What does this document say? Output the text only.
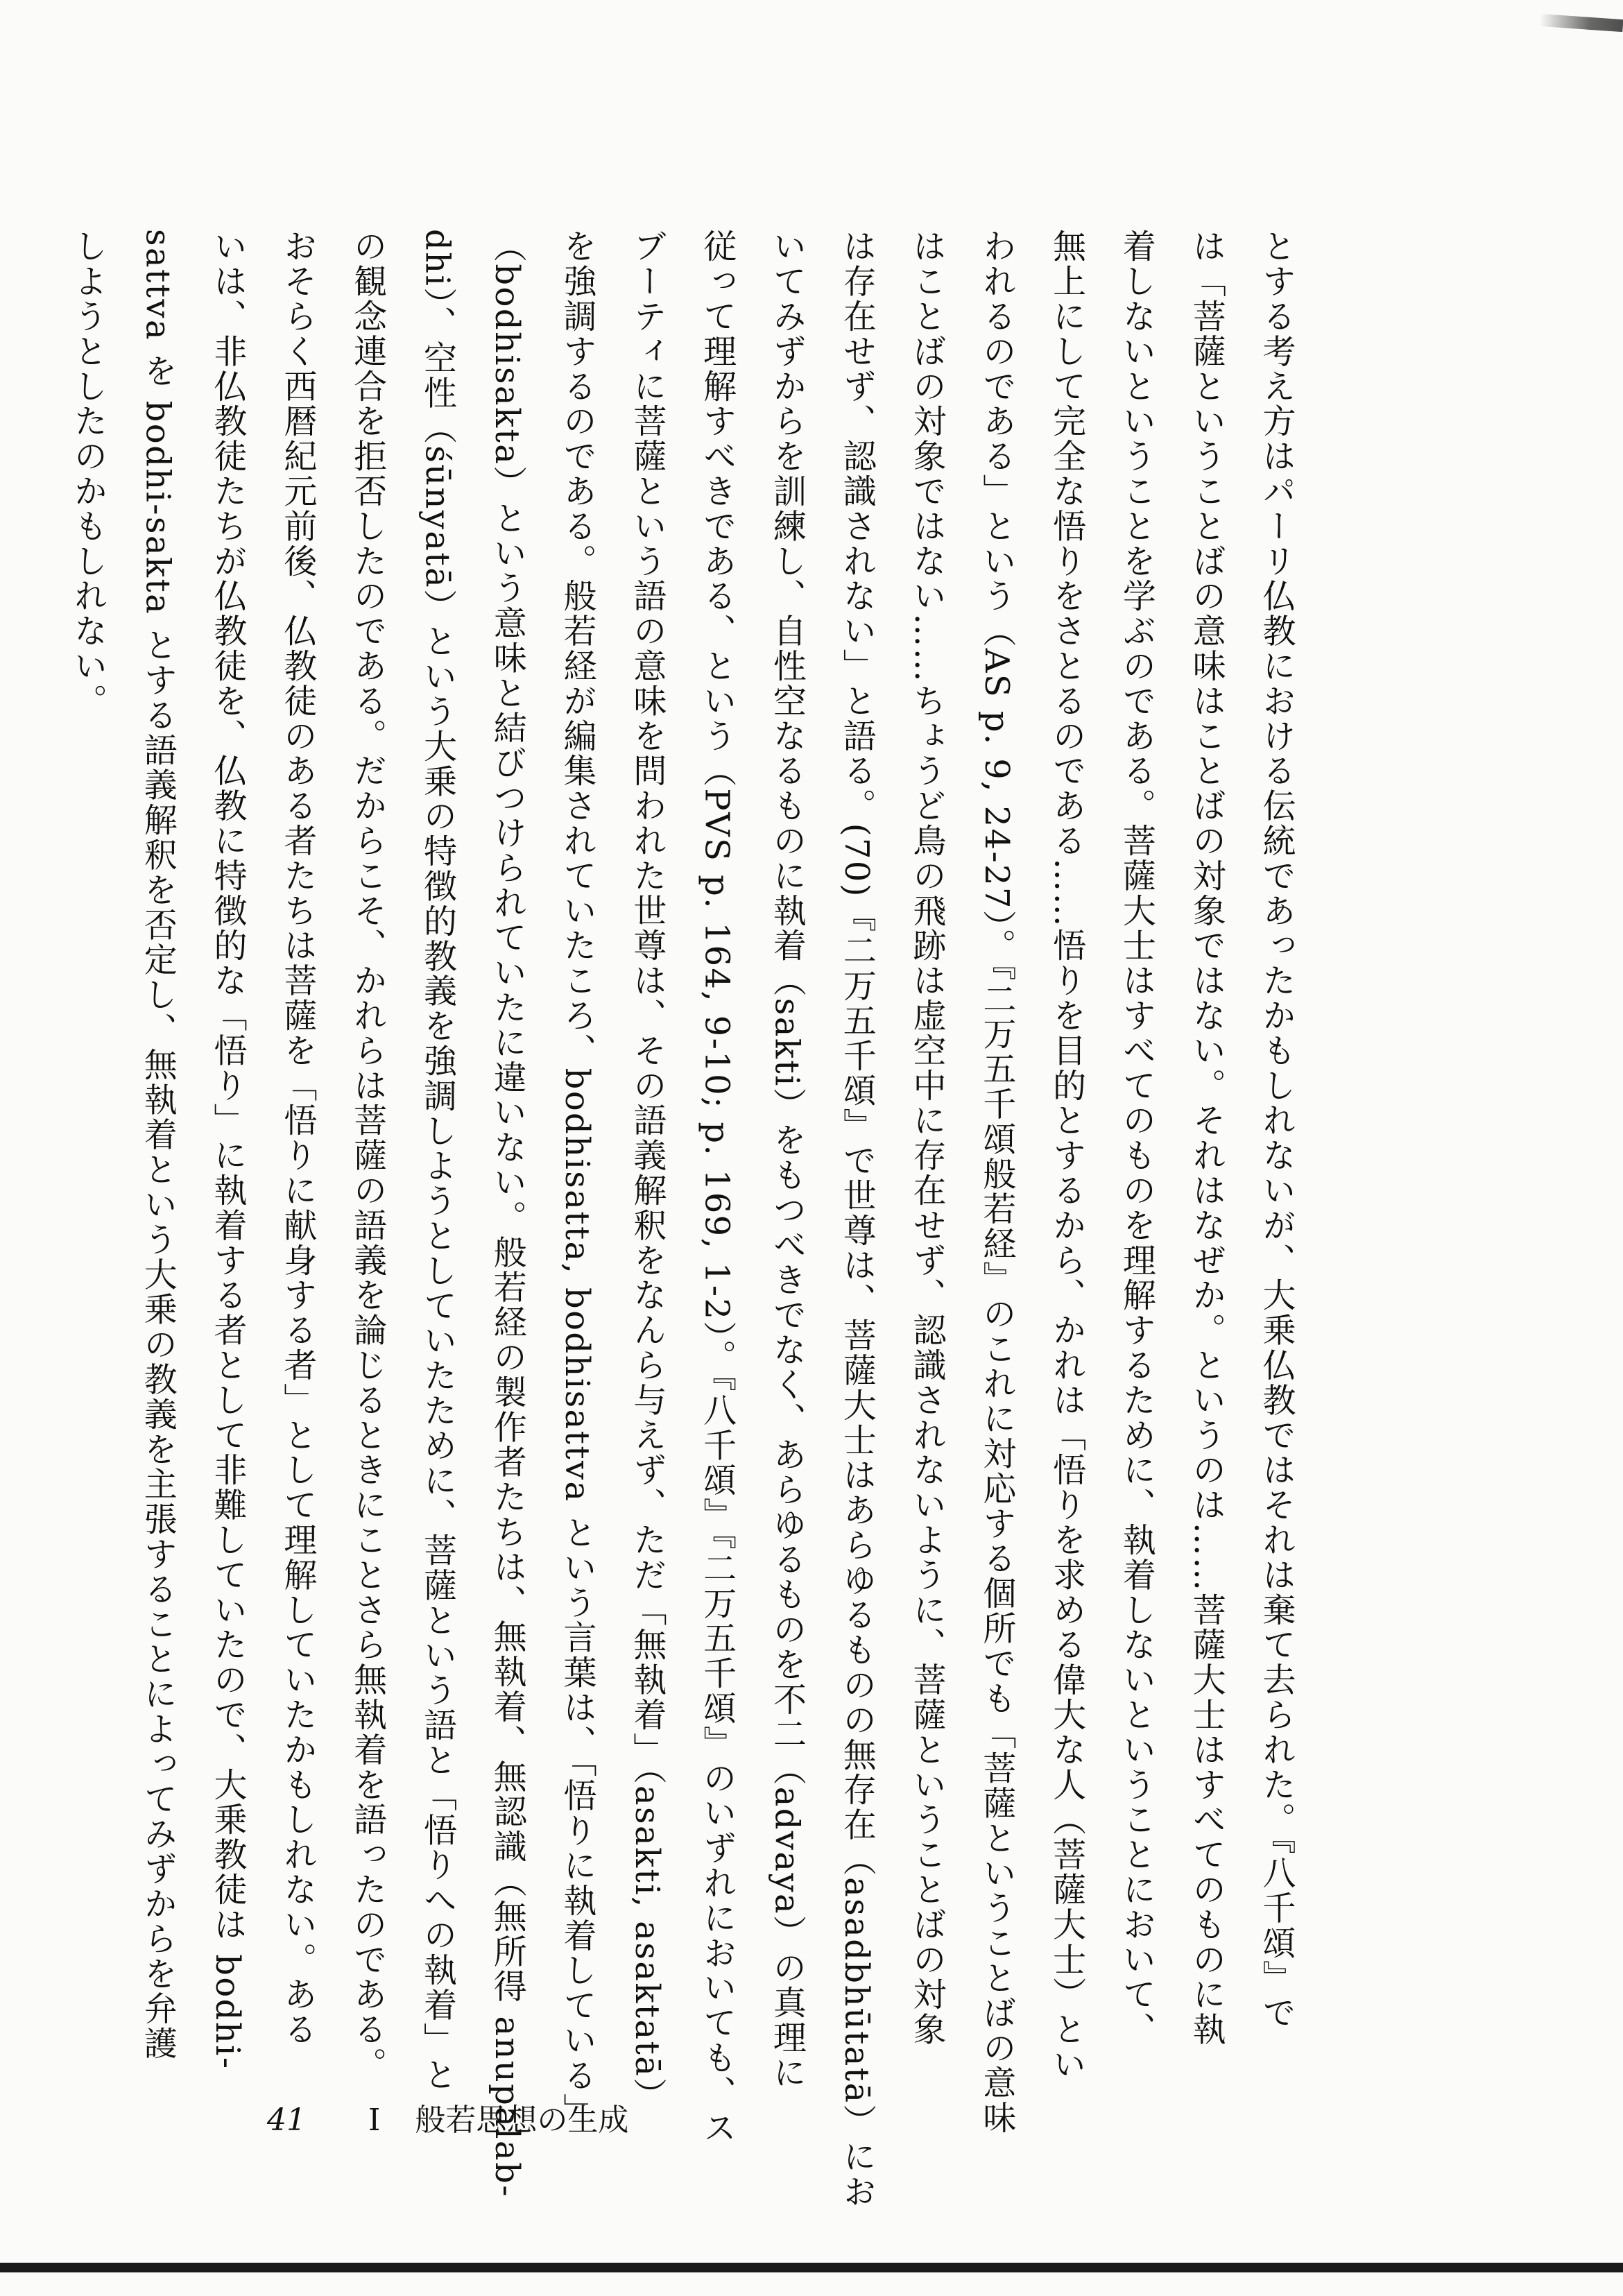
とする考え方はパーリ仏教における伝統であったかもしれないが、大乗仏教ではそれは棄て去られた。『八千頌』で
は「菩薩ということばの意味はことばの対象ではない。それはなぜか。というのは……菩薩大士はすべてのものに執
着しないということを学ぶのである。菩薩大士はすべてのものを理解するために、執着しないということにおいて、
無上にして完全な悟りをさとるのである……悟りを目的とするから、かれは「悟りを求める偉大な人（菩薩大士）とい
われるのである」という（AS p. 9, 24-27）。『二万五千頌般若経』のこれに対応する個所でも「菩薩ということばの意味
はことばの対象ではない……ちょうど鳥の飛跡は虚空中に存在せず、認識されないように、菩薩ということばの対象
は存在せず、認識されない」と語る。(70)『二万五千頌』で世尊は、菩薩大士はあらゆるものの無存在（asadbhūtatā）にお
いてみずからを訓練し、自性空なるものに執着（sakti）をもつべきでなく、あらゆるものを不二（advaya）の真理に
従って理解すべきである、という（PVS p. 164, 9-10; p. 169, 1-2）。『八千頌』『二万五千頌』のいずれにおいても、ス
ブーティに菩薩という語の意味を問われた世尊は、その語義解釈をなんら与えず、ただ「無執着」（asakti, asaktatā）
を強調するのである。般若経が編集されていたころ、bodhisatta, bodhisattva という言葉は、「悟りに執着している」
（bodhisakta）という意味と結びつけられていたに違いない。般若経の製作者たちは、無執着、無認識（無所得 anupalab-
dhi）、空性（śūnyatā）という大乗の特徴的教義を強調しようとしていたために、菩薩という語と「悟りへの執着」と
の観念連合を拒否したのである。だからこそ、かれらは菩薩の語義を論じるときにことさら無執着を語ったのである。
おそらく西暦紀元前後、仏教徒のある者たちは菩薩を「悟りに献身する者」として理解していたかもしれない。ある
いは、非仏教徒たちが仏教徒を、仏教に特徴的な「悟り」に執着する者として非難していたので、大乗教徒は bodhi-
sattva を bodhi-sakta とする語義解釈を否定し、無執着という大乗の教義を主張することによってみずからを弁護
しようとしたのかもしれない。
41 I 般若思想の生成
